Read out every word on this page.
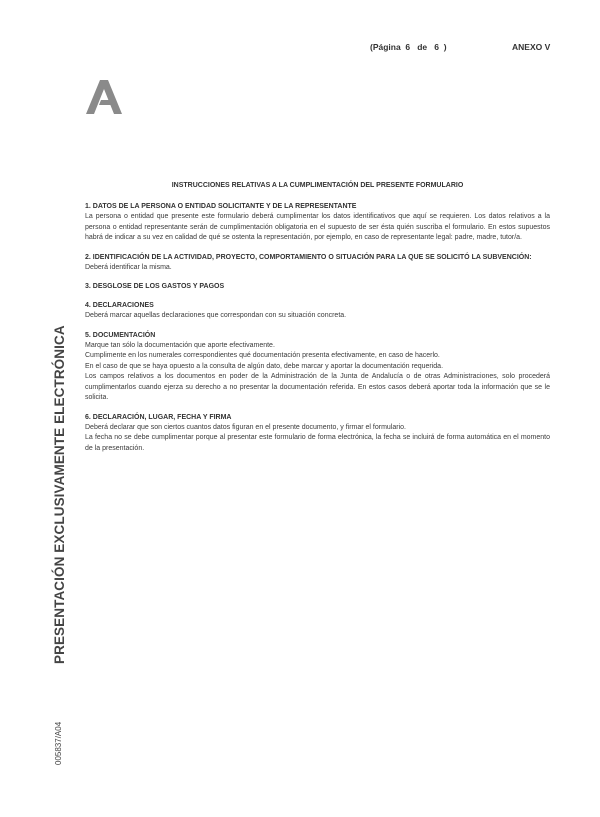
(Página  6   de   6  )	ANEXO V
PRESENTACIÓN EXCLUSIVAMENTE ELECTRÓNICA
005837/A04
INSTRUCCIONES RELATIVAS A LA CUMPLIMENTACIÓN DEL PRESENTE FORMULARIO
1. DATOS DE LA PERSONA O ENTIDAD SOLICITANTE Y DE LA REPRESENTANTE

La persona o entidad que presente este formulario deberá cumplimentar los datos identificativos que aquí se requieren. Los datos relativos a la persona o entidad representante serán de cumplimentación obligatoria en el supuesto de ser ésta quién suscriba el formulario. En estos supuestos habrá de indicar a su vez en calidad de qué se ostenta la representación, por ejemplo, en caso de representante legal: padre, madre, tutor/a.

2. IDENTIFICACIÓN DE LA ACTIVIDAD, PROYECTO, COMPORTAMIENTO O SITUACIÓN PARA LA QUE SE SOLICITÓ LA SUBVENCIÓN:

Deberá identificar la misma.

3. DESGLOSE DE LOS GASTOS Y PAGOS
4. DECLARACIONES

Deberá marcar aquellas declaraciones que correspondan con su situación concreta.

5. DOCUMENTACIÓN

Marque tan sólo la documentación que aporte efectivamente.

Cumplimente en los numerales correspondientes qué documentación presenta efectivamente, en caso de hacerlo.

En el caso de que se haya opuesto a la consulta de algún dato, debe marcar y aportar la documentación requerida.

Los campos relativos a los documentos en poder de la Administración de la Junta de Andalucía o de otras Administraciones, solo procederá cumplimentarlos cuando ejerza su derecho a no presentar la documentación referida. En estos casos deberá aportar toda la información que se le solicita.

6. DECLARACIÓN, LUGAR, FECHA Y FIRMA

Deberá declarar que son ciertos cuantos datos figuran en el presente documento, y firmar el formulario.

La fecha no se debe cumplimentar porque al presentar este formulario de forma electrónica, la fecha se incluirá de forma automática en el momento de la presentación.
